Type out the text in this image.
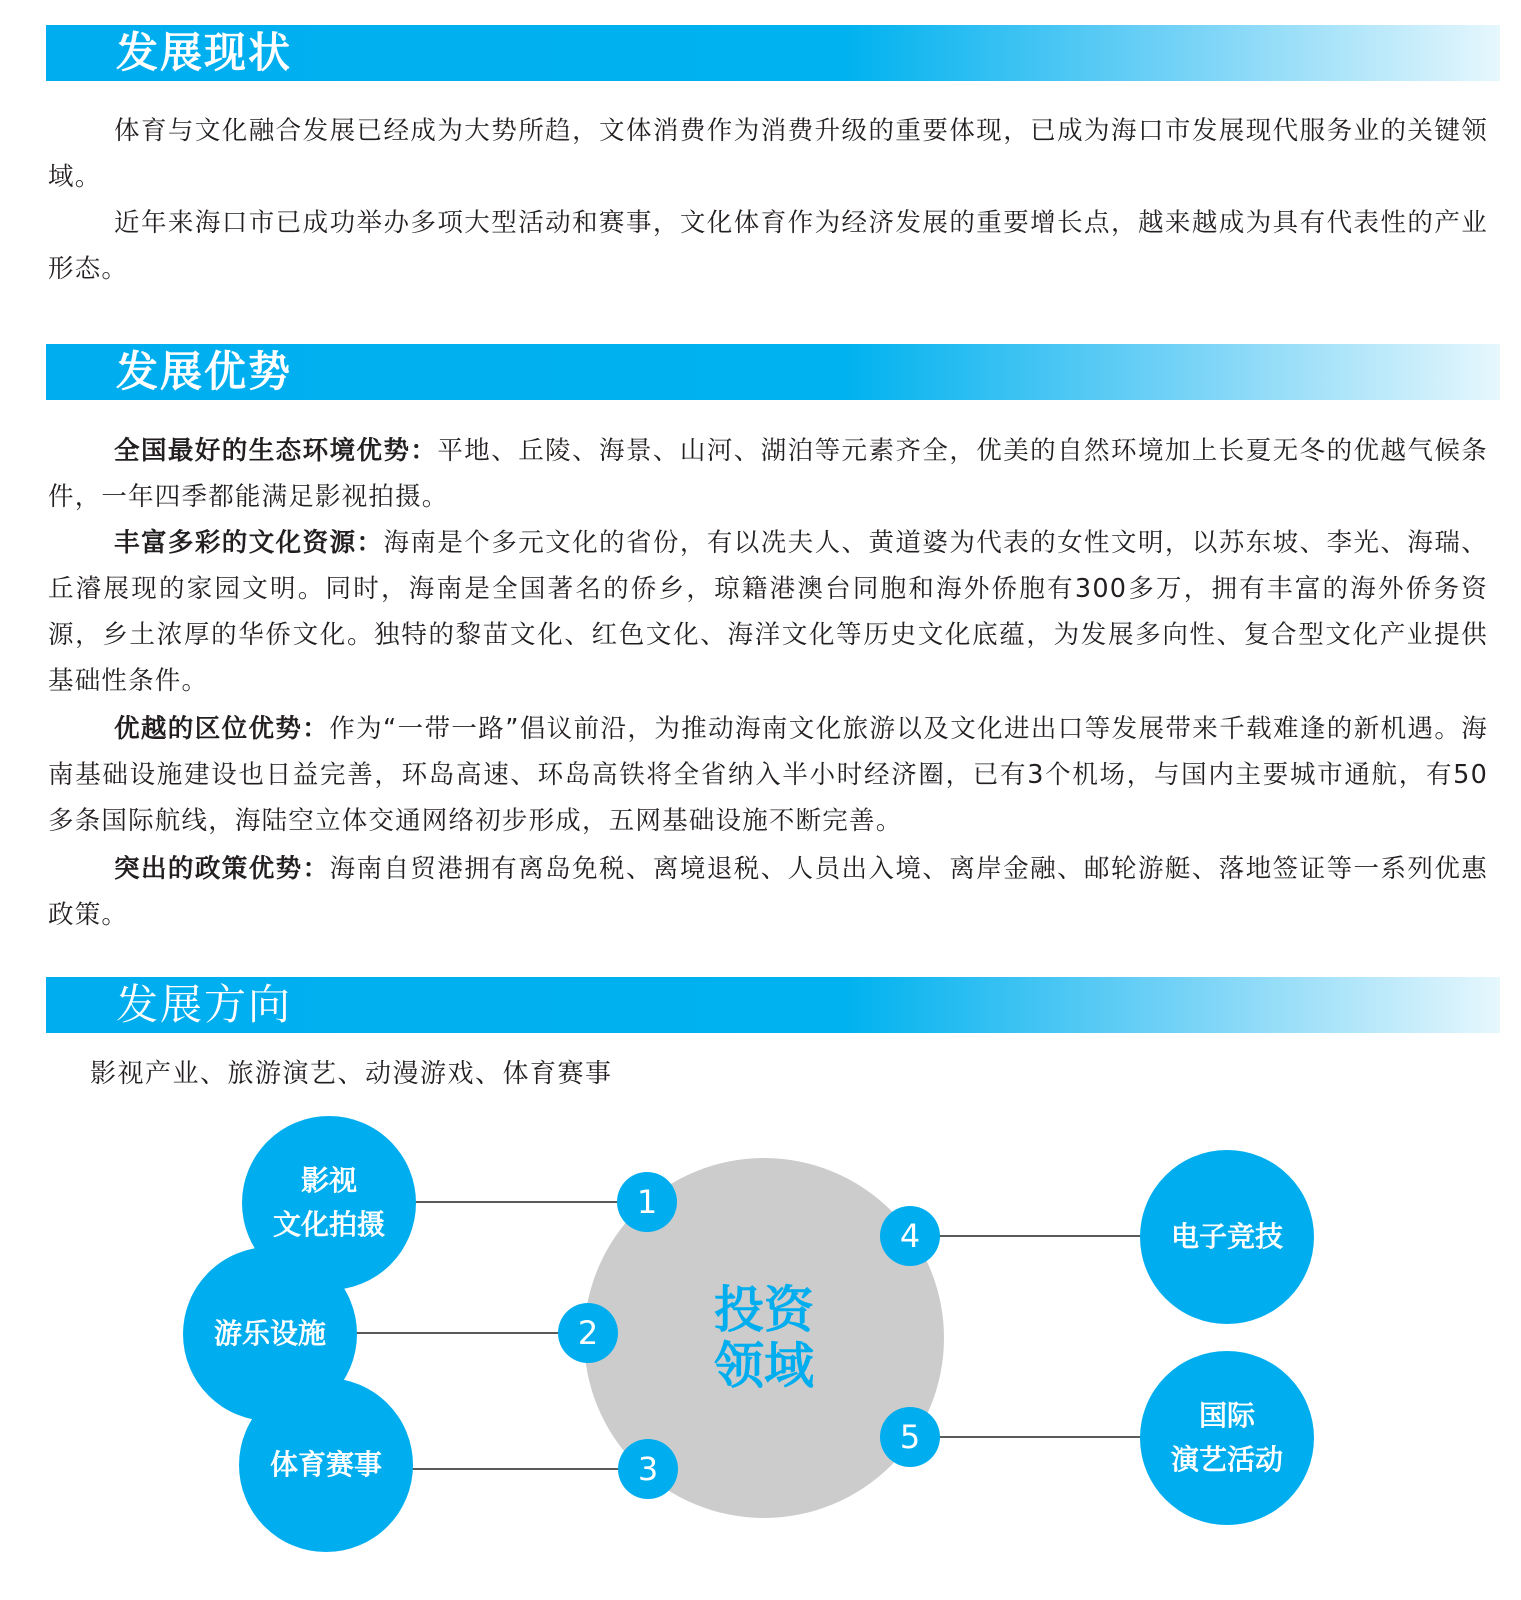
发展现状

体育与文化融合发展已经成为大势所趋，文体消费作为消费升级的重要体现，已成为海口市发展现代服务业的关键领域。

近年来海口市已成功举办多项大型活动和赛事，文化体育作为经济发展的重要增长点，越来越成为具有代表性的产业形态。

发展优势

全国最好的生态环境优势：平地、丘陵、海景、山河、湖泊等元素齐全，优美的自然环境加上长夏无冬的优越气候条件，一年四季都能满足影视拍摄。

丰富多彩的文化资源：海南是个多元文化的省份，有以冼夫人、黄道婆为代表的女性文明，以苏东坡、李光、海瑞、丘濬展现的家园文明。同时，海南是全国著名的侨乡，琼籍港澳台同胞和海外侨胞有300多万，拥有丰富的海外侨务资源，乡土浓厚的华侨文化。独特的黎苗文化、红色文化、海洋文化等历史文化底蕴，为发展多向性、复合型文化产业提供基础性条件。

优越的区位优势：作为“一带一路”倡议前沿，为推动海南文化旅游以及文化进出口等发展带来千载难逢的新机遇。海南基础设施建设也日益完善，环岛高速、环岛高铁将全省纳入半小时经济圈，已有3个机场，与国内主要城市通航，有50多条国际航线，海陆空立体交通网络初步形成，五网基础设施不断完善。

突出的政策优势：海南自贸港拥有离岛免税、离境退税、人员出入境、离岸金融、邮轮游艇、落地签证等一系列优惠政策。

发展方向
影视产业、旅游演艺、动漫游戏、体育赛事
投资
领域
影视
文化拍摄
游乐设施
体育赛事
电子竞技
国际
演艺活动
1
2
3
4
5
